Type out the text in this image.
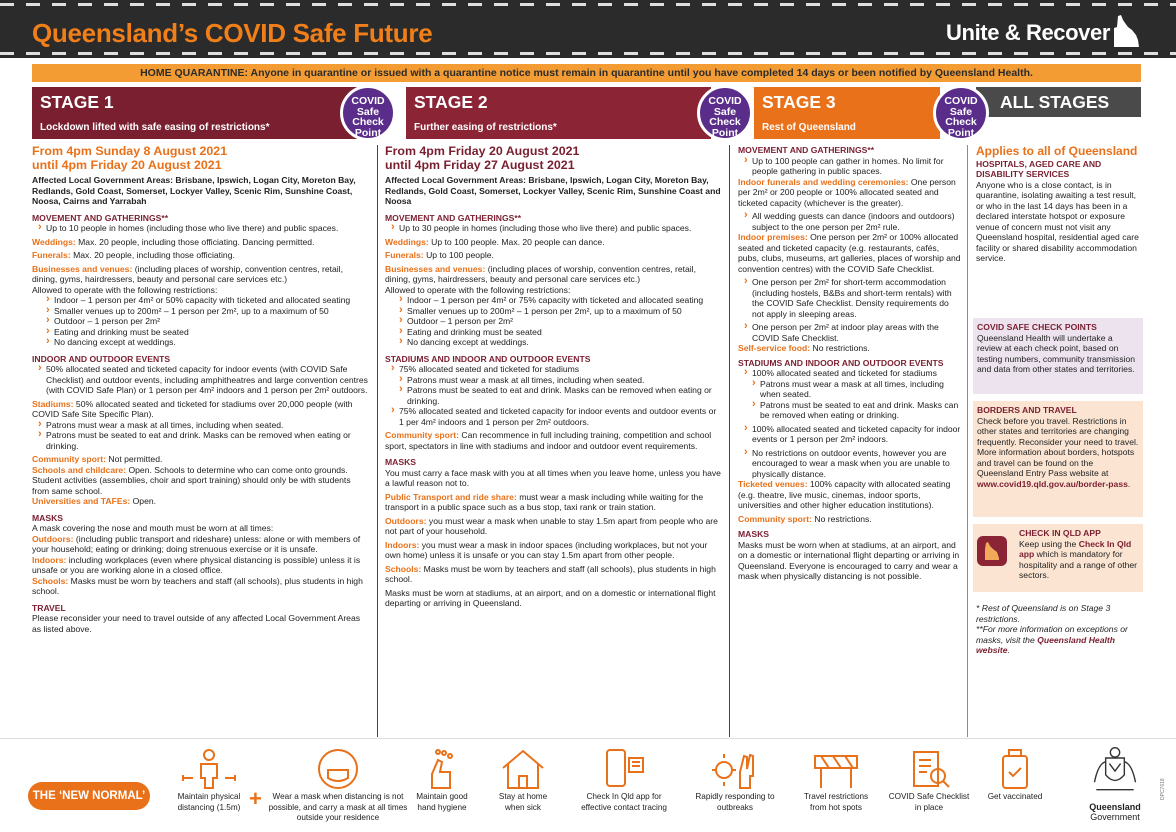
Queensland’s COVID Safe Future	Unite & Recover
HOME QUARANTINE: Anyone in quarantine or issued with a quarantine notice must remain in quarantine until you have completed 14 days or been notified by Queensland Health.
STAGE 1
Lockdown lifted with safe easing of restrictions*
STAGE 2
Further easing of restrictions*
STAGE 3
Rest of Queensland
ALL STAGES
COVID
Safe
Check
Point
COVID
Safe
Check
Point
COVID
Safe
Check
Point

From 4pm Sunday 8 August 2021

until 4pm Friday 20 August 2021

Affected Local Government Areas: Brisbane, Ipswich, Logan City, Moreton Bay, Redlands, Gold Coast, Somerset, Lockyer Valley, Scenic Rim, Sunshine Coast, Noosa, Cairns and Yarrabah

MOVEMENT AND GATHERINGS**

› Up to 10 people in homes (including those who live there) and public spaces.

Weddings: Max. 20 people, including those officiating. Dancing permitted.

Funerals: Max. 20 people, including those officiating.

Businesses and venues: (including places of worship, convention centres, retail, dining, gyms, hairdressers, beauty and personal care services etc.)

Allowed to operate with the following restrictions:

› Indoor – 1 person per 4m² or 50% capacity with ticketed and allocated seating

› Smaller venues up to 200m² – 1 person per 2m², up to a maximum of 50

› Outdoor – 1 person per 2m²

› Eating and drinking must be seated

› No dancing except at weddings.

INDOOR AND OUTDOOR EVENTS

› 50% allocated seated and ticketed capacity for indoor events (with COVID Safe Checklist) and outdoor events, including amphitheatres and large convention centres (with COVID Safe Plan) or 1 person per 4m² indoors and 1 person per 2m² outdoors.

Stadiums: 50% allocated seated and ticketed for stadiums over 20,000 people (with COVID Safe Site Specific Plan).

› Patrons must wear a mask at all times, including when seated.

› Patrons must be seated to eat and drink. Masks can be removed when eating or drinking.

Community sport: Not permitted.

Schools and childcare: Open. Schools to determine who can come onto grounds. Student activities (assemblies, choir and sport training) should only be with students from same school.

Universities and TAFEs: Open.

MASKS

A mask covering the nose and mouth must be worn at all times:

Outdoors: (including public transport and rideshare) unless: alone or with members of your household; eating or drinking; doing strenuous exercise or it is unsafe.

Indoors: including workplaces (even where physical distancing is possible) unless it is unsafe or you are working alone in a closed office.

Schools: Masks must be worn by teachers and staff (all schools), plus students in high school.

TRAVEL

Please reconsider your need to travel outside of any affected Local Government Areas as listed above.

From 4pm Friday 20 August 2021

until 4pm Friday 27 August 2021

Affected Local Government Areas: Brisbane, Ipswich, Logan City, Moreton Bay, Redlands, Gold Coast, Somerset, Lockyer Valley, Scenic Rim, Sunshine Coast and Noosa

MOVEMENT AND GATHERINGS**

› Up to 30 people in homes (including those who live there) and public spaces.

Weddings: Up to 100 people. Max. 20 people can dance.

Funerals: Up to 100 people.

Businesses and venues: (including places of worship, convention centres, retail, dining, gyms, hairdressers, beauty and personal care services etc.)

Allowed to operate with the following restrictions:

› Indoor – 1 person per 4m² or 75% capacity with ticketed and allocated seating

› Smaller venues up to 200m² – 1 person per 2m², up to a maximum of 50

› Outdoor – 1 person per 2m²

› Eating and drinking must be seated

› No dancing except at weddings.

STADIUMS AND INDOOR AND OUTDOOR EVENTS

› 75% allocated seated and ticketed for stadiums

› Patrons must wear a mask at all times, including when seated.

› Patrons must be seated to eat and drink. Masks can be removed when eating or drinking.

› 75% allocated seated and ticketed capacity for indoor events and outdoor events or 1 per 4m² indoors and 1 person per 2m² outdoors.

Community sport: Can recommence in full including training, competition and school sport, spectators in line with stadiums and indoor and outdoor event requirements.

MASKS

You must carry a face mask with you at all times when you leave home, unless you have a lawful reason not to.

Public Transport and ride share: must wear a mask including while waiting for the transport in a public space such as a bus stop, taxi rank or train station.

Outdoors: you must wear a mask when unable to stay 1.5m apart from people who are not part of your household.

Indoors: you must wear a mask in indoor spaces (including workplaces, but not your own home) unless it is unsafe or you can stay 1.5m apart from other people.

Schools: Masks must be worn by teachers and staff (all schools), plus students in high school.

Masks must be worn at stadiums, at an airport, and on a domestic or international flight departing or arriving in Queensland.

MOVEMENT AND GATHERINGS**

› Up to 100 people can gather in homes. No limit for people gathering in public spaces.

Indoor funerals and wedding ceremonies: One person per 2m² or 200 people or 100% allocated seated and ticketed capacity (whichever is the greater).

› All wedding guests can dance (indoors and outdoors) subject to the one person per 2m² rule.

Indoor premises: One person per 2m² or 100% allocated seated and ticketed capacity (e.g. restaurants, cafés, pubs, clubs, museums, art galleries, places of worship and convention centres) with the COVID Safe Checklist.

› One person per 2m² for short-term accommodation (including hostels, B&Bs and short-term rentals) with the COVID Safe Checklist. Density requirements do not apply in sleeping areas.

› One person per 2m² at indoor play areas with the COVID Safe Checklist.

Self-service food: No restrictions.

STADIUMS AND INDOOR AND OUTDOOR EVENTS

› 100% allocated seated and ticketed for stadiums

› Patrons must wear a mask at all times, including when seated.

› Patrons must be seated to eat and drink. Masks can be removed when eating or drinking.

› 100% allocated seated and ticketed capacity for indoor events or 1 person per 2m² indoors.

› No restrictions on outdoor events, however you are encouraged to wear a mask when you are unable to physically distance.

Ticketed venues: 100% capacity with allocated seating (e.g. theatre, live music, cinemas, indoor sports, universities and other higher education institutions).

Community sport: No restrictions.

MASKS

Masks must be worn when at stadiums, at an airport, and on a domestic or international flight departing or arriving in Queensland. Everyone is encouraged to carry and wear a mask when physically distancing is not possible.

Applies to all of Queensland

HOSPITALS, AGED CARE AND DISABILITY SERVICES

Anyone who is a close contact, is in quarantine, isolating awaiting a test result, or who in the last 14 days has been in a declared interstate hotspot or exposure venue of concern must not visit any Queensland hospital, residential aged care facility or shared disability accommodation service.

COVID SAFE CHECK POINTS

Queensland Health will undertake a review at each check point, based on testing numbers, community transmission and data from other states and territories.

BORDERS AND TRAVEL

Check before you travel. Restrictions in other states and territories are changing frequently. Reconsider your need to travel. More information about borders, hotspots and travel can be found on the Queensland Entry Pass website at www.covid19.qld.gov.au/border-pass.

CHECK IN QLD APP

Keep using the Check In Qld app which is mandatory for hospitality and a range of other sectors.

* Rest of Queensland is on Stage 3 restrictions.

**For more information on exceptions or masks, visit the Queensland Health website.

THE ‘NEW NORMAL’	+
Maintain physical distancing (1.5m)
Wear a mask when distancing is not possible, and carry a mask at all times outside your residence
Maintain good hand hygiene
Stay at home when sick
Check In Qld app for effective contact tracing
Rapidly responding to outbreaks
Travel restrictions from hot spots
COVID Safe Checklist in place
Get vaccinated
Queensland
Government
DPC7618
